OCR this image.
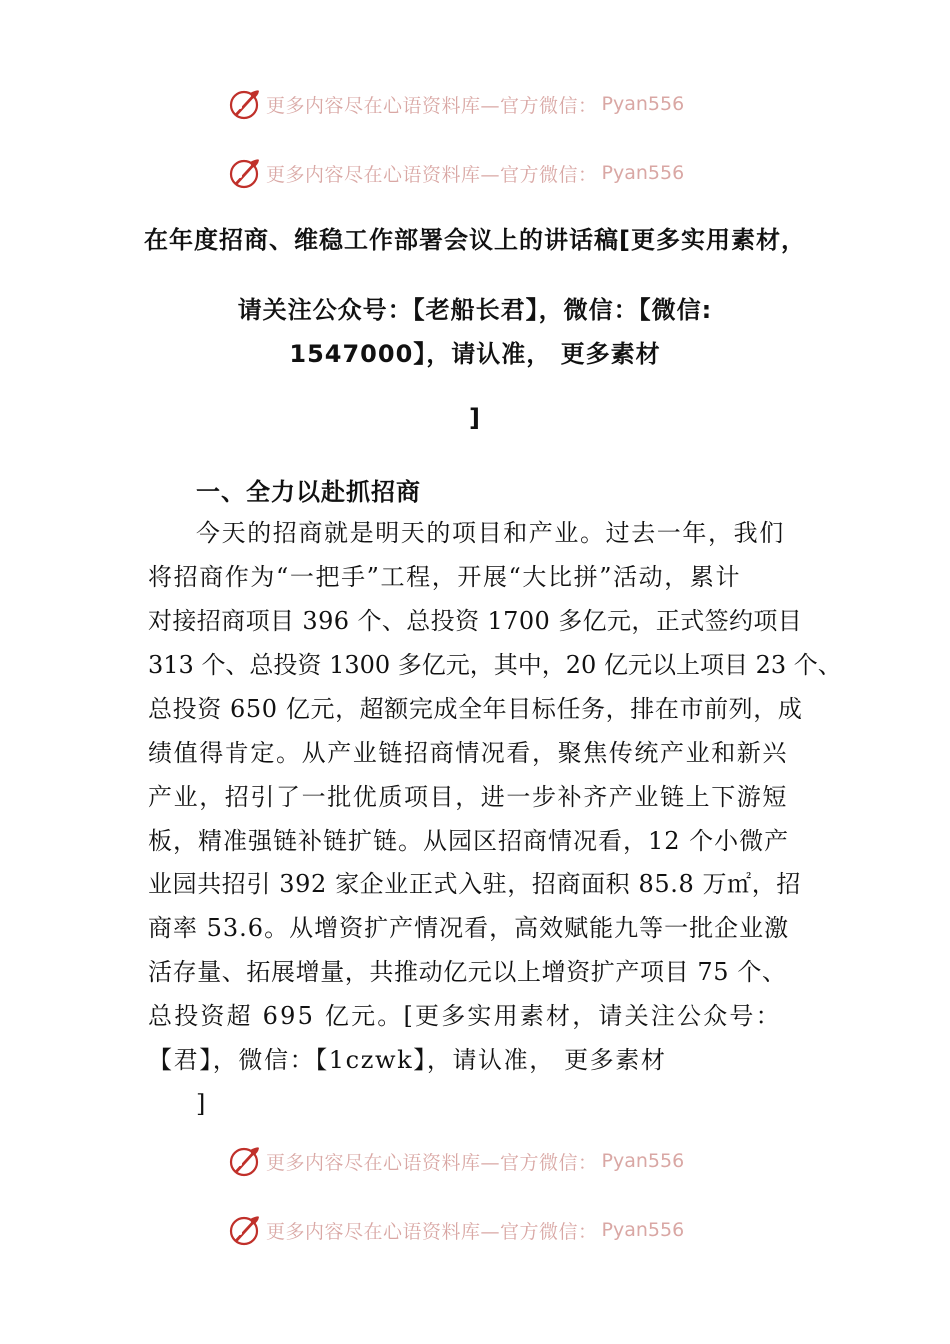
更多内容尽在心语资料库—官方微信： Pyan556
更多内容尽在心语资料库—官方微信： Pyan556
在年度招商、维稳工作部署会议上的讲话稿[更多实用素材，
请关注公众号：【老船长君】，微信：【微信:
1547000】，请认准， 更多素材
]
一、全力以赴抓招商
今天的招商就是明天的项目和产业。过去一年，我们
将招商作为“一把手”工程，开展“大比拼”活动，累计
对接招商项目 396 个、总投资 1700 多亿元，正式签约项目
313 个、总投资 1300 多亿元，其中，20 亿元以上项目 23 个、
总投资 650 亿元，超额完成全年目标任务，排在市前列，成
绩值得肯定。从产业链招商情况看，聚焦传统产业和新兴
产业，招引了一批优质项目，进一步补齐产业链上下游短
板，精准强链补链扩链。从园区招商情况看，12 个小微产
业园共招引 392 家企业正式入驻，招商面积 85.8 万㎡，招
商率 53.6。从增资扩产情况看，高效赋能九等一批企业激
活存量、拓展增量，共推动亿元以上增资扩产项目 75 个、
总投资超 695 亿元。[更多实用素材，请关注公众号：
【君】，微信：【1czwk】，请认准， 更多素材
]
更多内容尽在心语资料库—官方微信： Pyan556
更多内容尽在心语资料库—官方微信： Pyan556
